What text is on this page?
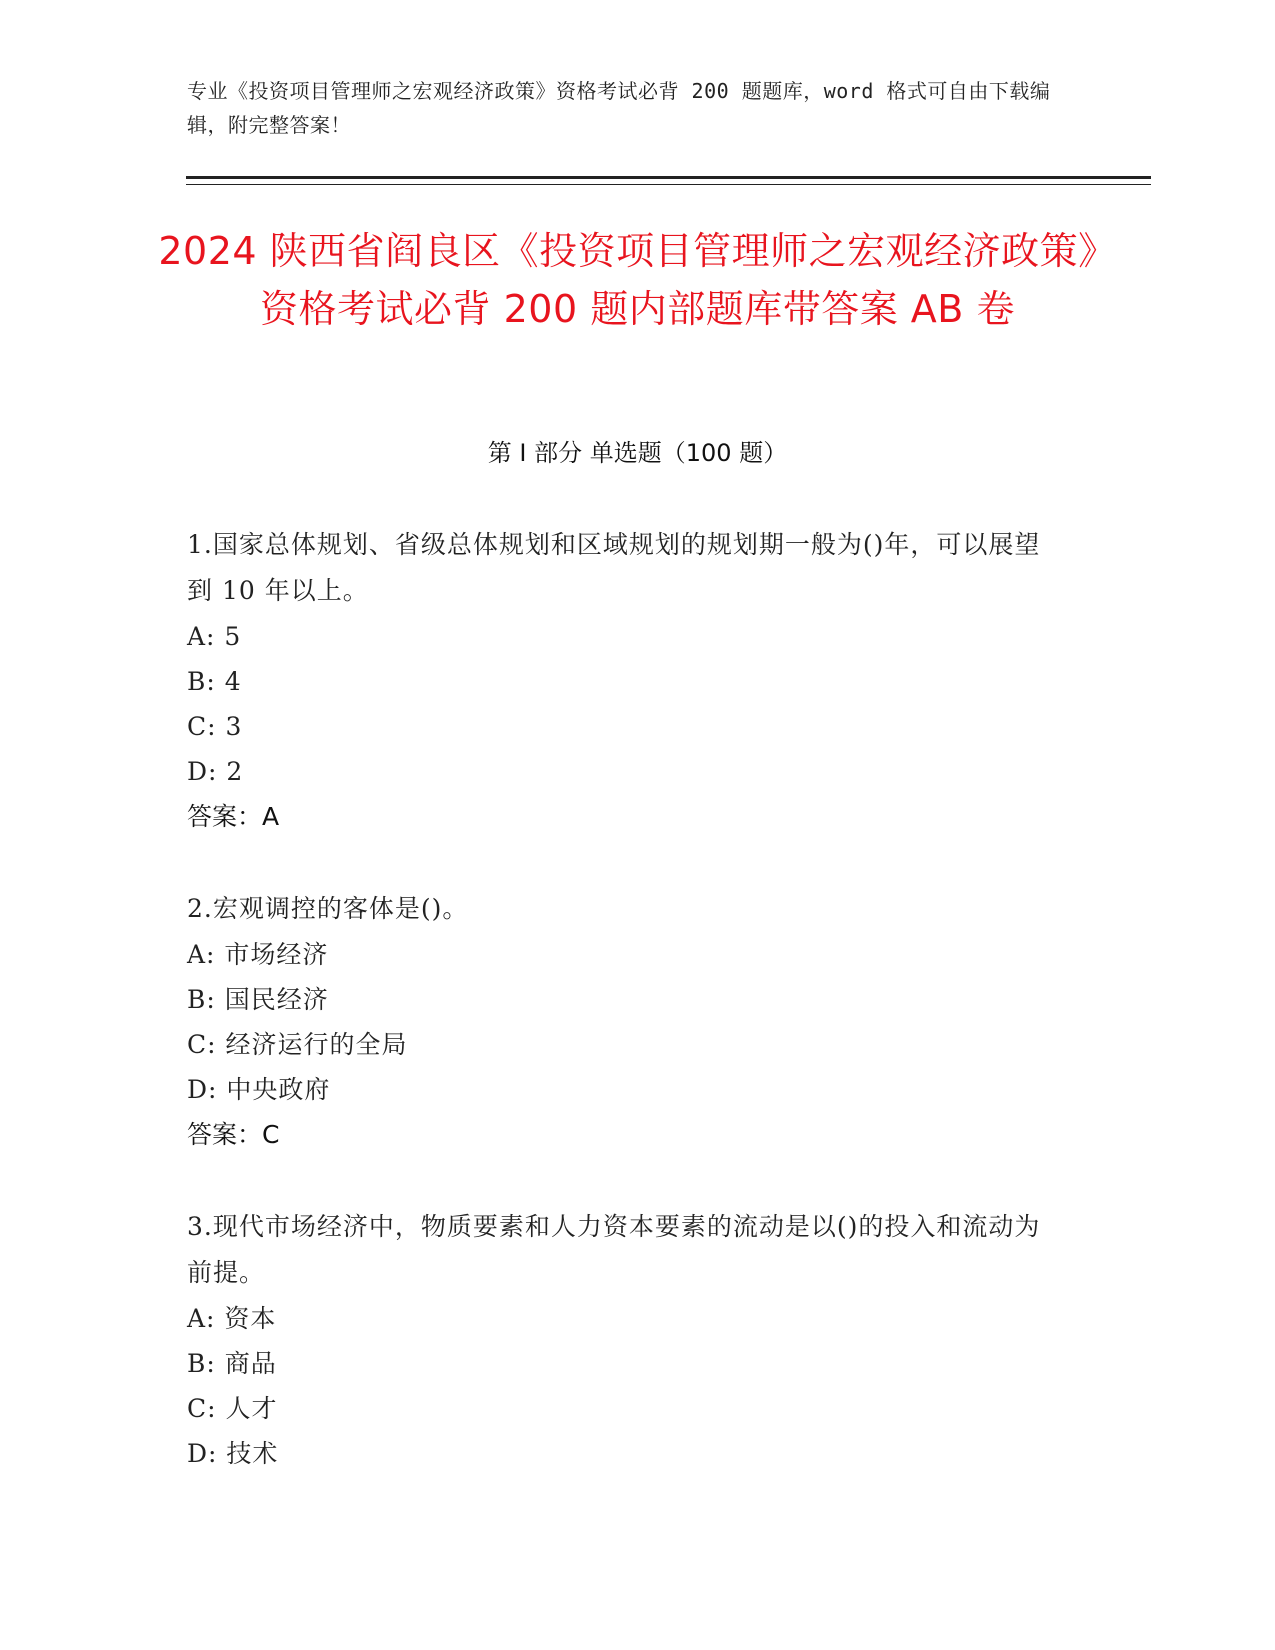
专业《投资项目管理师之宏观经济政策》资格考试必背 200 题题库，word 格式可自由下载编辑，附完整答案！
2024 陕西省阎良区《投资项目管理师之宏观经济政策》资格考试必背 200 题内部题库带答案 AB 卷
第 I 部分 单选题（100 题）
1.国家总体规划、省级总体规划和区域规划的规划期一般为()年，可以展望到 10 年以上。
A: 5
B: 4
C: 3
D: 2
答案：A
2.宏观调控的客体是()。
A: 市场经济
B: 国民经济
C: 经济运行的全局
D: 中央政府
答案：C
3.现代市场经济中，物质要素和人力资本要素的流动是以()的投入和流动为前提。
A: 资本
B: 商品
C: 人才
D: 技术
